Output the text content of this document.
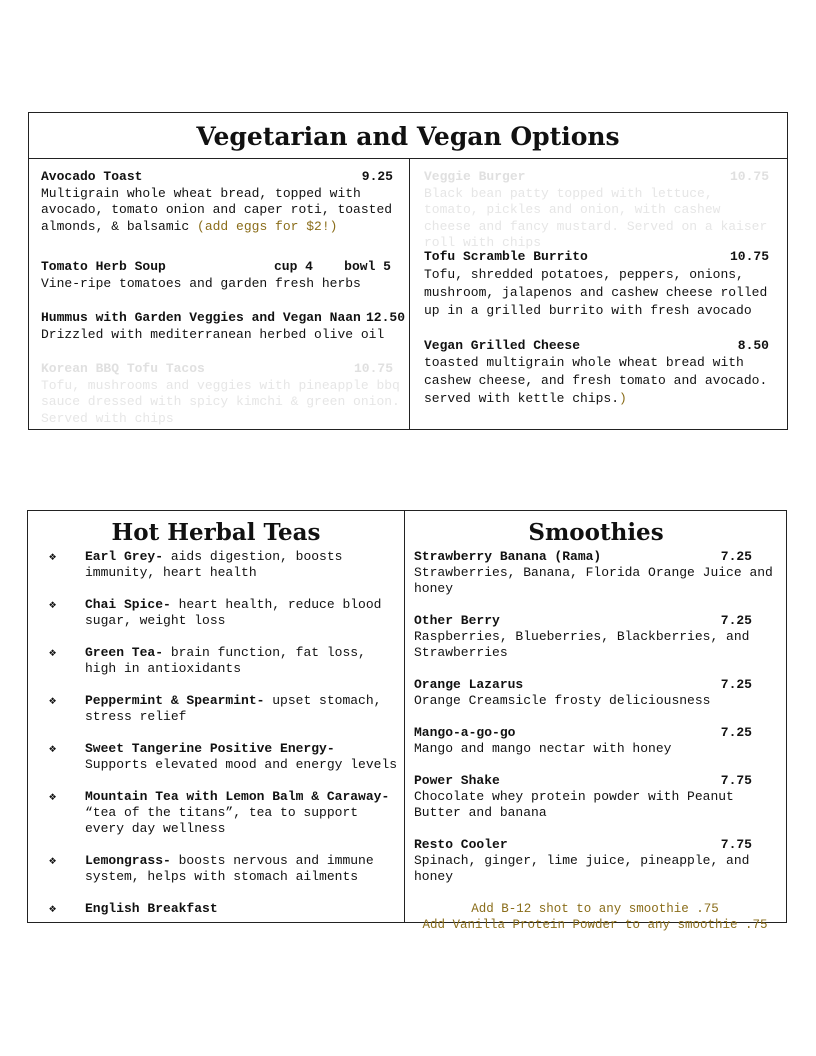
Vegetarian and Vegan Options
Avocado Toast	9.25
Multigrain whole wheat bread, topped with avocado, tomato onion and caper roti, toasted almonds, & balsamic (add eggs for $2!)
Tomato Herb Soup	cup 4    bowl 5
Vine-ripe tomatoes and garden fresh herbs
Hummus with Garden Veggies and Vegan Naan 12.50
Drizzled with mediterranean herbed olive oil
Korean BBQ Tofu Tacos	10.75
Tofu, mushrooms and veggies with pineapple bbq sauce dressed with spicy kimchi & green onion. Served with chips
Veggie Burger	10.75
Black bean patty topped with lettuce, tomato, pickles and onion, with cashew cheese and fancy mustard. Served on a kaiser roll with chips
Tofu Scramble Burrito	10.75
Tofu, shredded potatoes, peppers, onions, mushroom, jalapenos and cashew cheese rolled up in a grilled burrito with fresh avocado
Vegan Grilled Cheese	8.50
toasted multigrain whole wheat bread with cashew cheese, and fresh tomato and avocado. served with kettle chips.)
Hot Herbal Teas	Smoothies
❖ Earl Grey- aids digestion, boosts immunity, heart health
❖ Chai Spice- heart health, reduce blood sugar, weight loss
❖ Green Tea- brain function, fat loss, high in antioxidants
❖ Peppermint & Spearmint- upset stomach, stress relief
❖ Sweet Tangerine Positive Energy- Supports elevated mood and energy levels
❖ Mountain Tea with Lemon Balm & Caraway- “tea of the titans”, tea to support every day wellness
❖ Lemongrass- boosts nervous and immune system, helps with stomach ailments
❖ English Breakfast
Strawberry Banana (Rama)	7.25
Strawberries, Banana, Florida Orange Juice and honey
Other Berry	7.25
Raspberries, Blueberries, Blackberries, and Strawberries
Orange Lazarus	7.25
Orange Creamsicle frosty deliciousness
Mango-a-go-go	7.25
Mango and mango nectar with honey
Power Shake	7.75
Chocolate whey protein powder with Peanut Butter and banana
Resto Cooler	7.75
Spinach, ginger, lime juice, pineapple, and honey
Add B-12 shot to any smoothie .75
Add Vanilla Protein Powder to any smoothie .75
